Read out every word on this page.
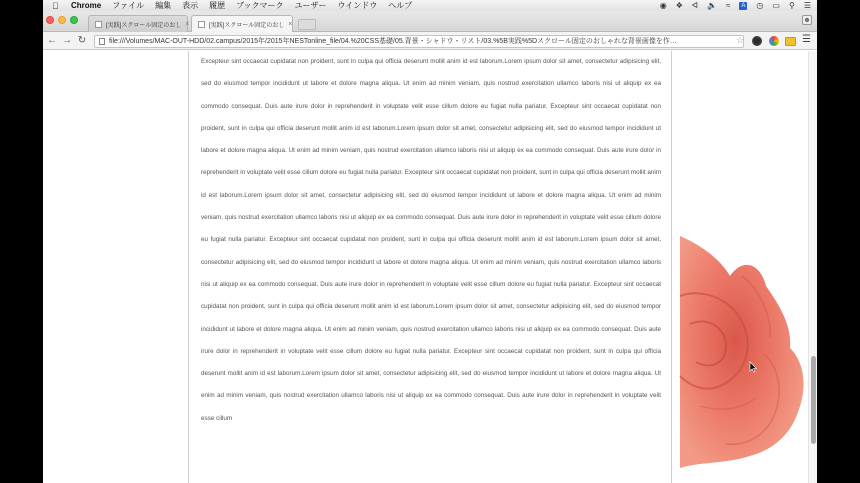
Chrome ファイル 編集 表示 履歴 ブックマーク ユーザー ウインドウ ヘルプ	◉ ❖ ᐊ 🔈 ≈	A ◷ ▭ ⚲ ☰
[実践]スクロール固定のおし ×	[実践]スクロール固定のおし ×	☻
← → ↻	file:///Volumes/MAC-OUT-HDD/02.campus/2015年/2015年NESTonline_file/04.%20CSS基礎/05.背景・シャドウ・リスト/03.%5B実践%5Dスクロール固定のおしゃれな背景画像を作…	☆	☰

Excepteur sint occaecat cupidatat non proident, sunt in culpa qui officia deserunt mollit anim id est laborum.Lorem ipsum dolor sit amet, consectetur adipisicing elit, sed do eiusmod tempor incididunt ut labore et dolore magna aliqua. Ut enim ad minim veniam, quis nostrud exercitation ullamco laboris nisi ut aliquip ex ea commodo consequat. Duis aute irure dolor in reprehenderit in voluptate velit esse cillum dolore eu fugiat nulla pariatur. Excepteur sint occaecat cupidatat non proident, sunt in culpa qui officia deserunt mollit anim id est laborum.Lorem ipsum dolor sit amet, consectetur adipisicing elit, sed do eiusmod tempor incididunt ut labore et dolore magna aliqua. Ut enim ad minim veniam, quis nostrud exercitation ullamco laboris nisi ut aliquip ex ea commodo consequat. Duis aute irure dolor in reprehenderit in voluptate velit esse cillum dolore eu fugiat nulla pariatur. Excepteur sint occaecat cupidatat non proident, sunt in culpa qui officia deserunt mollit anim id est laborum.Lorem ipsum dolor sit amet, consectetur adipisicing elit, sed do eiusmod tempor incididunt ut labore et dolore magna aliqua. Ut enim ad minim veniam, quis nostrud exercitation ullamco laboris nisi ut aliquip ex ea commodo consequat. Duis aute irure dolor in reprehenderit in voluptate velit esse cillum dolore eu fugiat nulla pariatur. Excepteur sint occaecat cupidatat non proident, sunt in culpa qui officia deserunt mollit anim id est laborum.Lorem ipsum dolor sit amet, consectetur adipisicing elit, sed do eiusmod tempor incididunt ut labore et dolore magna aliqua. Ut enim ad minim veniam, quis nostrud exercitation ullamco laboris nisi ut aliquip ex ea commodo consequat. Duis aute irure dolor in reprehenderit in voluptate velit esse cillum dolore eu fugiat nulla pariatur. Excepteur sint occaecat cupidatat non proident, sunt in culpa qui officia deserunt mollit anim id est laborum.Lorem ipsum dolor sit amet, consectetur adipisicing elit, sed do eiusmod tempor incididunt ut labore et dolore magna aliqua. Ut enim ad minim veniam, quis nostrud exercitation ullamco laboris nisi ut aliquip ex ea commodo consequat. Duis aute irure dolor in reprehenderit in voluptate velit esse cillum dolore eu fugiat nulla pariatur. Excepteur sint occaecat cupidatat non proident, sunt in culpa qui officia deserunt mollit anim id est laborum.Lorem ipsum dolor sit amet, consectetur adipisicing elit, sed do eiusmod tempor incididunt ut labore et dolore magna aliqua. Ut enim ad minim veniam, quis nostrud exercitation ullamco laboris nisi ut aliquip ex ea commodo consequat. Duis aute irure dolor in reprehenderit in voluptate velit esse cillum
